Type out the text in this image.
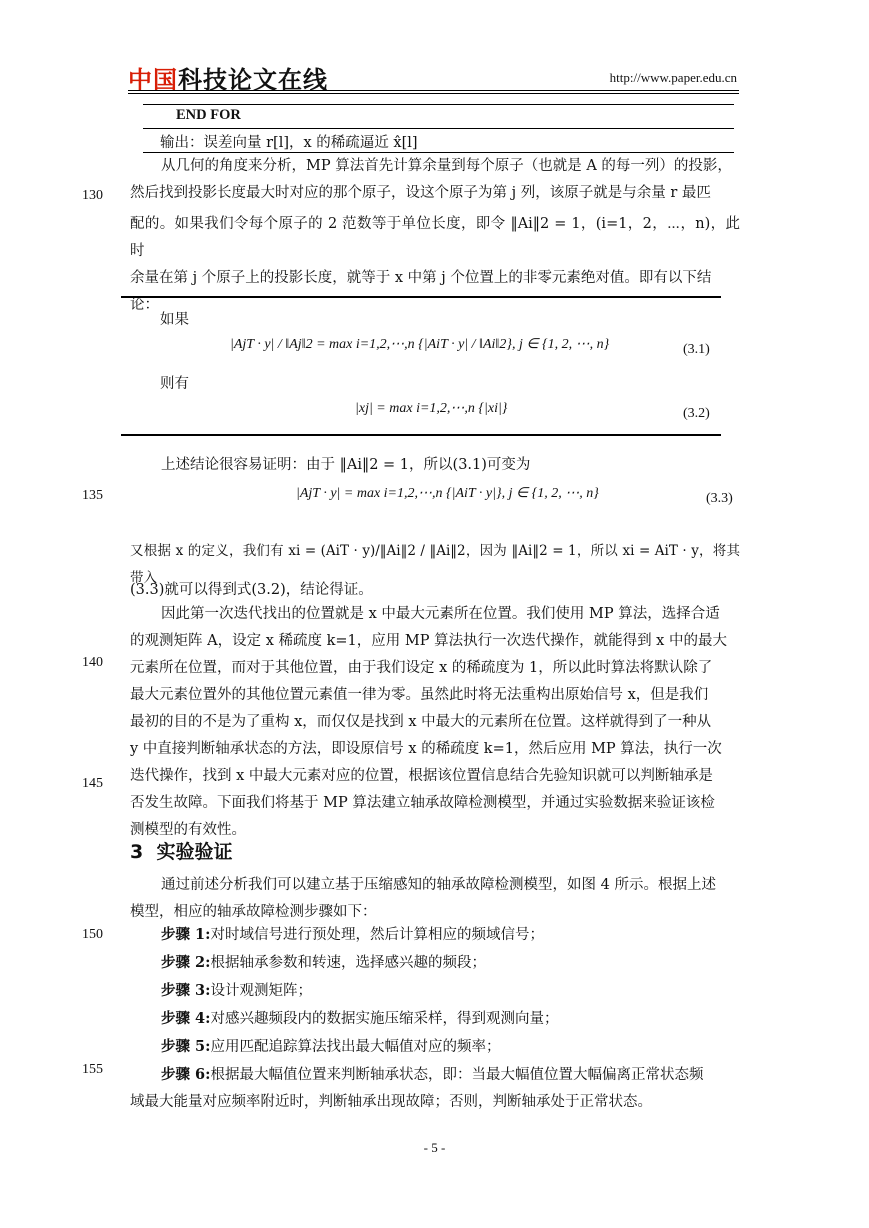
中国科技论文在线	http://www.paper.edu.cn
END FOR
输出：误差向量 r[l]，x 的稀疏逼近 x̂[l]

从几何的角度来分析，MP 算法首先计算余量到每个原子（也就是 A 的每一列）的投影，

然后找到投影长度最大时对应的那个原子，设这个原子为第 j 列，该原子就是与余量 r 最匹

配的。如果我们令每个原子的 2 范数等于单位长度，即令 ‖Ai‖2 = 1，(i=1，2，⋯，n)，此时

余量在第 j 个原子上的投影长度，就等于 x 中第 j 个位置上的非零元素绝对值。即有以下结

论：

130
如果
|AjT · y| / ‖Aj‖2 = max i=1,2,⋯,n {|AiT · y| / ‖Ai‖2}, j ∈ {1, 2, ⋯, n}	(3.1)
则有
|xj| = max i=1,2,⋯,n {|xi|}	(3.2)

上述结论很容易证明：由于 ‖Ai‖2 = 1，所以(3.1)可变为

135	|AjT · y| = max i=1,2,⋯,n {|AiT · y|}, j ∈ {1, 2, ⋯, n}	(3.3)

又根据 x 的定义，我们有 xi = (AiT · y)/‖Ai‖2 / ‖Ai‖2，因为 ‖Ai‖2 = 1，所以 xi = AiT · y，将其带入

(3.3)就可以得到式(3.2)，结论得证。

因此第一次迭代找出的位置就是 x 中最大元素所在位置。我们使用 MP 算法，选择合适

的观测矩阵 A，设定 x 稀疏度 k=1，应用 MP 算法执行一次迭代操作，就能得到 x 中的最大

元素所在位置，而对于其他位置，由于我们设定 x 的稀疏度为 1，所以此时算法将默认除了

最大元素位置外的其他位置元素值一律为零。虽然此时将无法重构出原始信号 x，但是我们

最初的目的不是为了重构 x，而仅仅是找到 x 中最大的元素所在位置。这样就得到了一种从

y 中直接判断轴承状态的方法，即设原信号 x 的稀疏度 k=1，然后应用 MP 算法，执行一次

迭代操作，找到 x 中最大元素对应的位置，根据该位置信息结合先验知识就可以判断轴承是

否发生故障。下面我们将基于 MP 算法建立轴承故障检测模型，并通过实验数据来验证该检

测模型的有效性。

140
145
3 实验验证

通过前述分析我们可以建立基于压缩感知的轴承故障检测模型，如图 4 所示。根据上述

模型，相应的轴承故障检测步骤如下：

步骤 1:对时域信号进行预处理，然后计算相应的频域信号；

步骤 2:根据轴承参数和转速，选择感兴趣的频段；

步骤 3:设计观测矩阵；

步骤 4:对感兴趣频段内的数据实施压缩采样，得到观测向量；

步骤 5:应用匹配追踪算法找出最大幅值对应的频率；

步骤 6:根据最大幅值位置来判断轴承状态，即：当最大幅值位置大幅偏离正常状态频

域最大能量对应频率附近时，判断轴承出现故障；否则，判断轴承处于正常状态。

150
155
- 5 -
